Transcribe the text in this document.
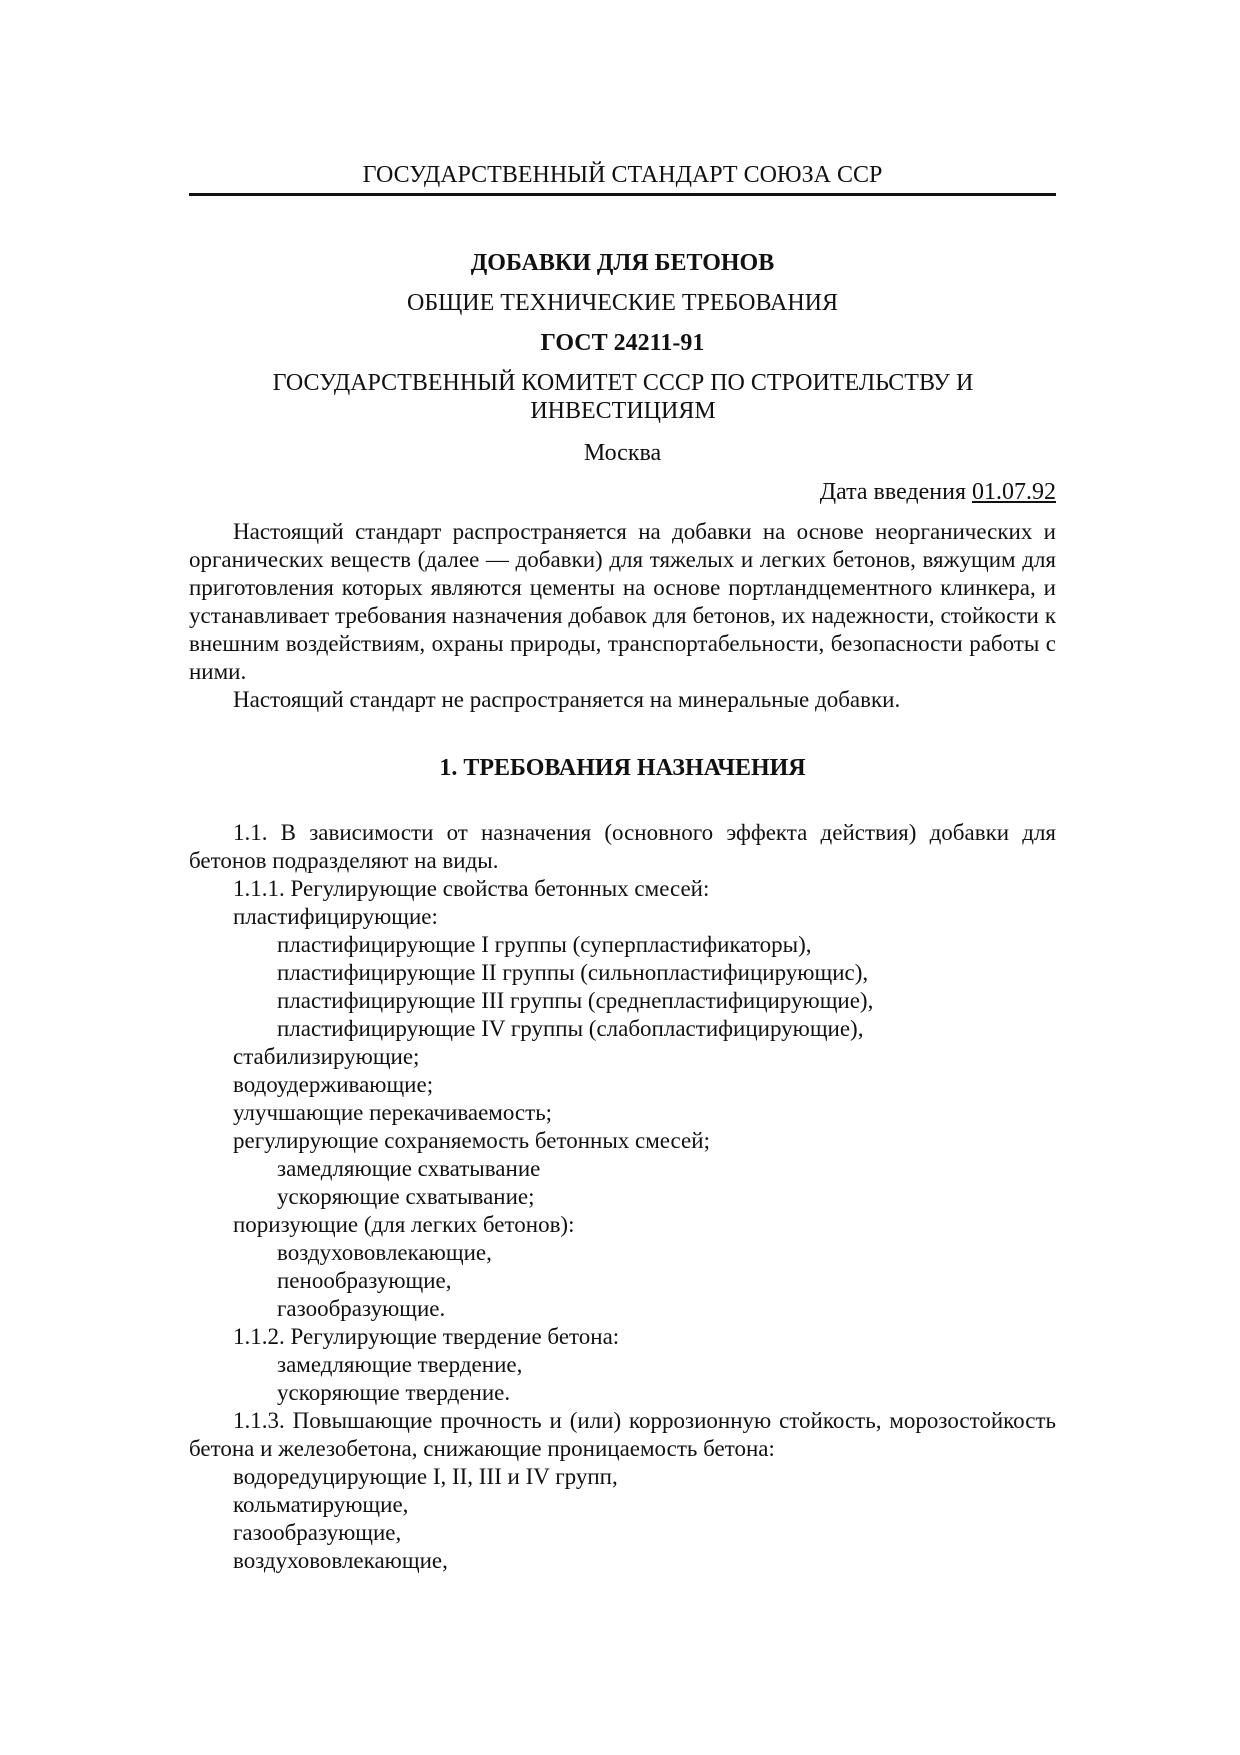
ГОСУДАРСТВЕННЫЙ СТАНДАРТ СОЮЗА ССР
ДОБАВКИ ДЛЯ БЕТОНОВ
ОБЩИЕ ТЕХНИЧЕСКИЕ ТРЕБОВАНИЯ
ГОСТ 24211-91
ГОСУДАРСТВЕННЫЙ КОМИТЕТ СССР ПО СТРОИТЕЛЬСТВУ И ИНВЕСТИЦИЯМ
Москва
Дата введения 01.07.92
Настоящий стандарт распространяется на добавки на основе неорганических и органических веществ (далее — добавки) для тяжелых и легких бетонов, вяжущим для приготовления которых являются цементы на основе портландцементного клинкера, и устанавливает требования назначения добавок для бетонов, их надежности, стойкости к внешним воздействиям, охраны природы, транспортабельности, безопасности работы с ними.
Настоящий стандарт не распространяется на минеральные добавки.
1. ТРЕБОВАНИЯ НАЗНАЧЕНИЯ
1.1. В зависимости от назначения (основного эффекта действия) добавки для бетонов подразделяют на виды.
1.1.1. Регулирующие свойства бетонных смесей:
пластифицирующие:
пластифицирующие I группы (суперпластификаторы),
пластифицирующие II группы (сильнопластифицирующис),
пластифицирующие III группы (среднепластифицирующие),
пластифицирующие IV группы (слабопластифицирующие),
стабилизирующие;
водоудерживающие;
улучшающие перекачиваемость;
регулирующие сохраняемость бетонных смесей;
замедляющие схватывание
ускоряющие схватывание;
поризующие (для легких бетонов):
воздухововлекающие,
пенообразующие,
газообразующие.
1.1.2. Регулирующие твердение бетона:
замедляющие твердение,
ускоряющие твердение.
1.1.3. Повышающие прочность и (или) коррозионную стойкость, морозостойкость бетона и железобетона, снижающие проницаемость бетона:
водоредуцирующие I, II, III и IV групп,
кольматирующие,
газообразующие,
воздухововлекающие,
